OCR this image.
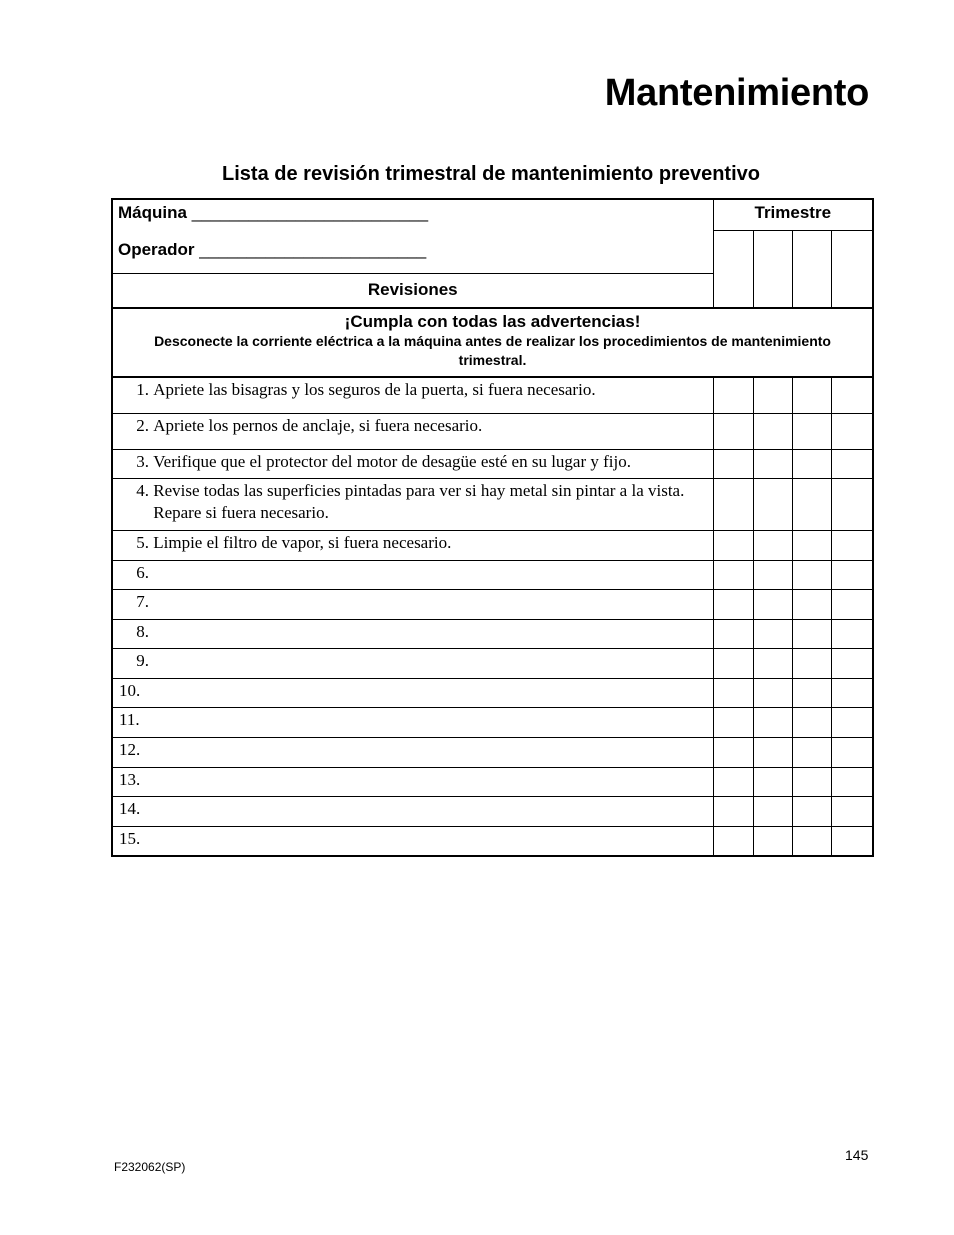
Mantenimiento
Lista de revisión trimestral de mantenimiento preventivo
Máquina _________________________	Trimestre			
Operador ________________________				
Revisiones				

¡Cumpla con todas las advertencias!
Desconecte la corriente eléctrica a la máquina antes de realizar los procedimientos de mantenimiento trimestral.				

1. Apriete las bisagras y los seguros de la puerta, si fuera necesario.				
2. Apriete los pernos de anclaje, si fuera necesario.				
3. Verifique que el protector del motor de desagüe esté en su lugar y fijo.				
4. Revise todas las superficies pintadas para ver si hay metal sin pintar a la vista. Repare si fuera necesario.				
5. Limpie el filtro de vapor, si fuera necesario.				
6.				
7.				
8.				
9.				
10.				
11.				
12.				
13.				
14.				
15.				
F232062(SP)
145
